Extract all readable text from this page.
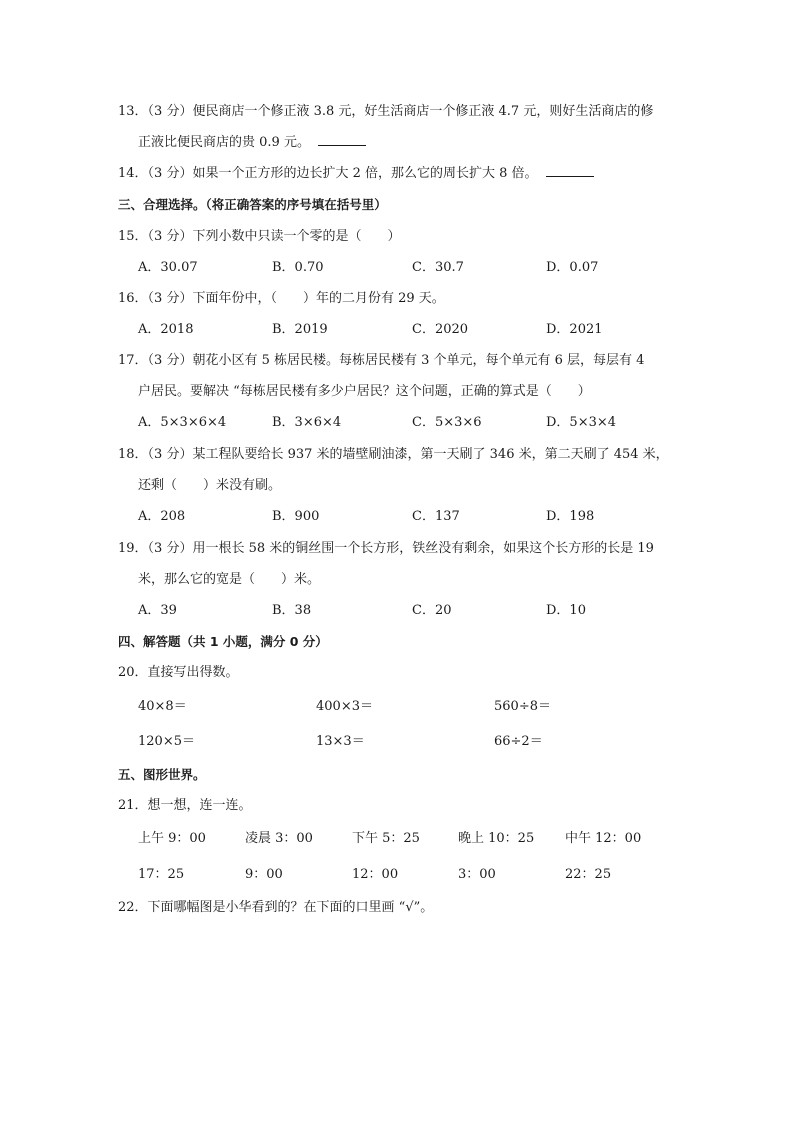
13．（3 分）便民商店一个修正液 3.8 元，好生活商店一个修正液 4.7 元，则好生活商店的修
正液比便民商店的贵 0.9 元。
14．（3 分）如果一个正方形的边长扩大 2 倍，那么它的周长扩大 8 倍。
三、合理选择。（将正确答案的序号填在括号里）
15．（3 分）下列小数中只读一个零的是（　　）
A．30.07	B．0.70	C．30.7	D．0.07
16．（3 分）下面年份中，（　　）年的二月份有 29 天。
A．2018	B．2019	C．2020	D．2021
17．（3 分）朝花小区有 5 栋居民楼。每栋居民楼有 3 个单元，每个单元有 6 层，每层有 4
户居民。要解决 “每栋居民楼有多少户居民？这个问题，正确的算式是（　　）
A．5×3×6×4	B．3×6×4	C．5×3×6	D．5×3×4
18．（3 分）某工程队要给长 937 米的墙壁刷油漆，第一天刷了 346 米，第二天刷了 454 米，
还剩（　　）米没有刷。
A．208	B．900	C．137	D．198
19．（3 分）用一根长 58 米的铜丝围一个长方形，铁丝没有剩余，如果这个长方形的长是 19
米，那么它的宽是（　　）米。
A．39	B．38	C．20	D．10
四、解答题（共 1 小题，满分 0 分）
20．直接写出得数。
40×8＝	400×3＝	560÷8＝
120×5＝	13×3＝	66÷2＝
五、图形世界。
21．想一想，连一连。
上午 9：00	凌晨 3：00	下午 5：25	晚上 10：25 中午 12：00
17：25	9：00	12：00	3：00	22：25
22．下面哪幅图是小华看到的？在下面的口里画 “√”。
